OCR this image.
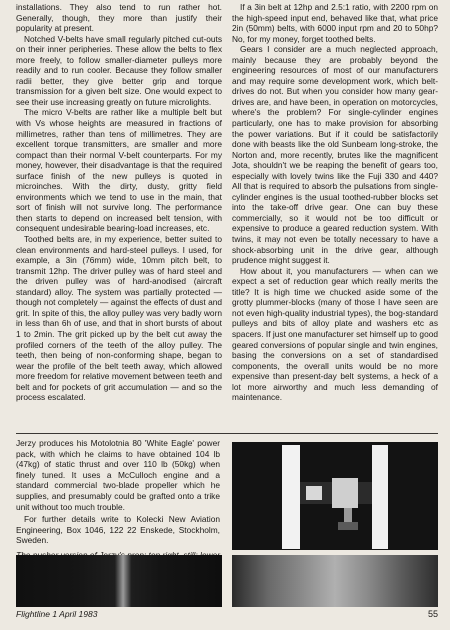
installations. They also tend to run rather hot. Generally, though, they more than justify their popularity at present.

Notched V-belts have small regularly pitched cut-outs on their inner peripheries. These allow the belts to flex more freely, to follow smaller-diameter pulleys more readily and to run cooler. Because they follow smaller radii better, they give better grip and torque transmission for a given belt size. One would expect to see their use increasing greatly on future microlights.

The micro V-belts are rather like a multiple belt but with Vs whose heights are measured in fractions of millimetres, rather than tens of millimetres. They are excellent torque transmitters, are smaller and more compact than their normal V-belt counterparts. For my money, however, their disadvantage is that the required surface finish of the new pulleys is quoted in microinches. With the dirty, dusty, gritty field environments which we tend to use in the main, that sort of finish will not survive long. The performance then starts to depend on increased belt tension, with consequent undesirable bearing-load increases, etc.

Toothed belts are, in my experience, better suited to clean environments and hard-steel pulleys. I used, for example, a 3in (76mm) wide, 10mm pitch belt, to transmit 12hp. The driver pulley was of hard steel and the driven pulley was of hard-anodised (aircraft standard) alloy. The system was partially protected — though not completely — against the effects of dust and grit. In spite of this, the alloy pulley was very badly worn in less than 6h of use, and that in short bursts of about 1 to 2min. The grit picked up by the belt cut away the profiled corners of the teeth of the alloy pulley. The teeth, then being of non-conforming shape, began to wear the profile of the belt teeth away, which allowed more freedom for relative movement between teeth and belt and for pockets of grit accumulation — and so the process escalated.

If a 3in belt at 12hp and 2.5:1 ratio, with 2200 rpm on the high-speed input end, behaved like that, what price 2in (50mm) belts, with 6000 input rpm and 20 to 50hp? No, for my money, forget toothed belts.

Gears I consider are a much neglected approach, mainly because they are probably beyond the engineering resources of most of our manufacturers and may require some development work, which belt-drives do not. But when you consider how many gear-drives are, and have been, in operation on motorcycles, where's the problem? For single-cylinder engines particularly, one has to make provision for absorbing the power variations. But if it could be satisfactorily done with beasts like the old Sunbeam long-stroke, the Norton and, more recently, brutes like the magnificent Jota, shouldn't we be reaping the benefit of gears too, especially with lovely twins like the Fuji 330 and 440? All that is required to absorb the pulsations from single-cylinder engines is the usual toothed-rubber blocks set into the take-off drive gear. One can buy these commercially, so it would not be too difficult or expensive to produce a geared reduction system. With twins, it may not even be totally necessary to have a shock-absorbing unit in the drive gear, although prudence might suggest it.

How about it, you manufacturers — when can we expect a set of reduction gear which really merits the title? It is high time we chucked aside some of the grotty plummer-blocks (many of those I have seen are not even high-quality industrial types), the bog-standard pulleys and bits of alloy plate and washers etc as spacers. If just one manufacturer set himself up to good geared conversions of popular single and twin engines, basing the conversions on a set of standardised components, the overall units would be no more expensive than present-day belt systems, a heck of a lot more airworthy and much less demanding of maintenance.

Jerzy produces his Motolotnia 80 'White Eagle' power pack, with which he claims to have obtained 104 lb (47kg) of static thrust and over 110 lb (50kg) when finely tuned. It uses a McCulloch engine and a standard commercial two-blade propeller which he supplies, and presumably could be grafted onto a trike unit without too much trouble.

For further details write to Kolecki New Aviation Engineering, Box 1046, 122 22 Enskede, Stockholm, Sweden.

Flightline 1 April 1983	55
